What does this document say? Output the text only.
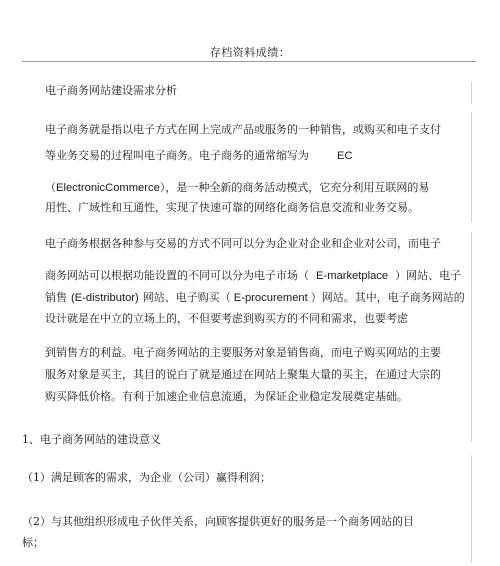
存档资料成绩：
电子商务网站建设需求分析
电子商务就是指以电子方式在网上完成产品或服务的一种销售，或购买和电子支付
等业务交易的过程叫电子商务。电子商务的通常缩写为	EC
（ElectronicCommerce），是一种全新的商务活动模式，它充分利用互联网的易
用性、广域性和互通性，实现了快速可靠的网络化商务信息交流和业务交易。
电子商务根据各种参与交易的方式不同可以分为企业对企业和企业对公司，而电子
商务网站可以根据功能设置的不同可以分为电子市场（ E-marketplace ）网站、电子
销售 (E-distributor) 网站、电子购买（ E-procurement ）网站。其中，电子商务网站的
设计就是在中立的立场上的，不但要考虑到购买方的不同和需求，也要考虑
到销售方的利益。电子商务网站的主要服务对象是销售商，而电子购买网站的主要
服务对象是买主，其目的说白了就是通过在网站上聚集大量的买主，在通过大宗的
购买降低价格。有利于加速企业信息流通，为保证企业稳定发展奠定基础。
1、电子商务网站的建设意义
（1）满足顾客的需求，为企业（公司）赢得利润；
（2）与其他组织形成电子伙伴关系，向顾客提供更好的服务是一个商务网站的目
标；
